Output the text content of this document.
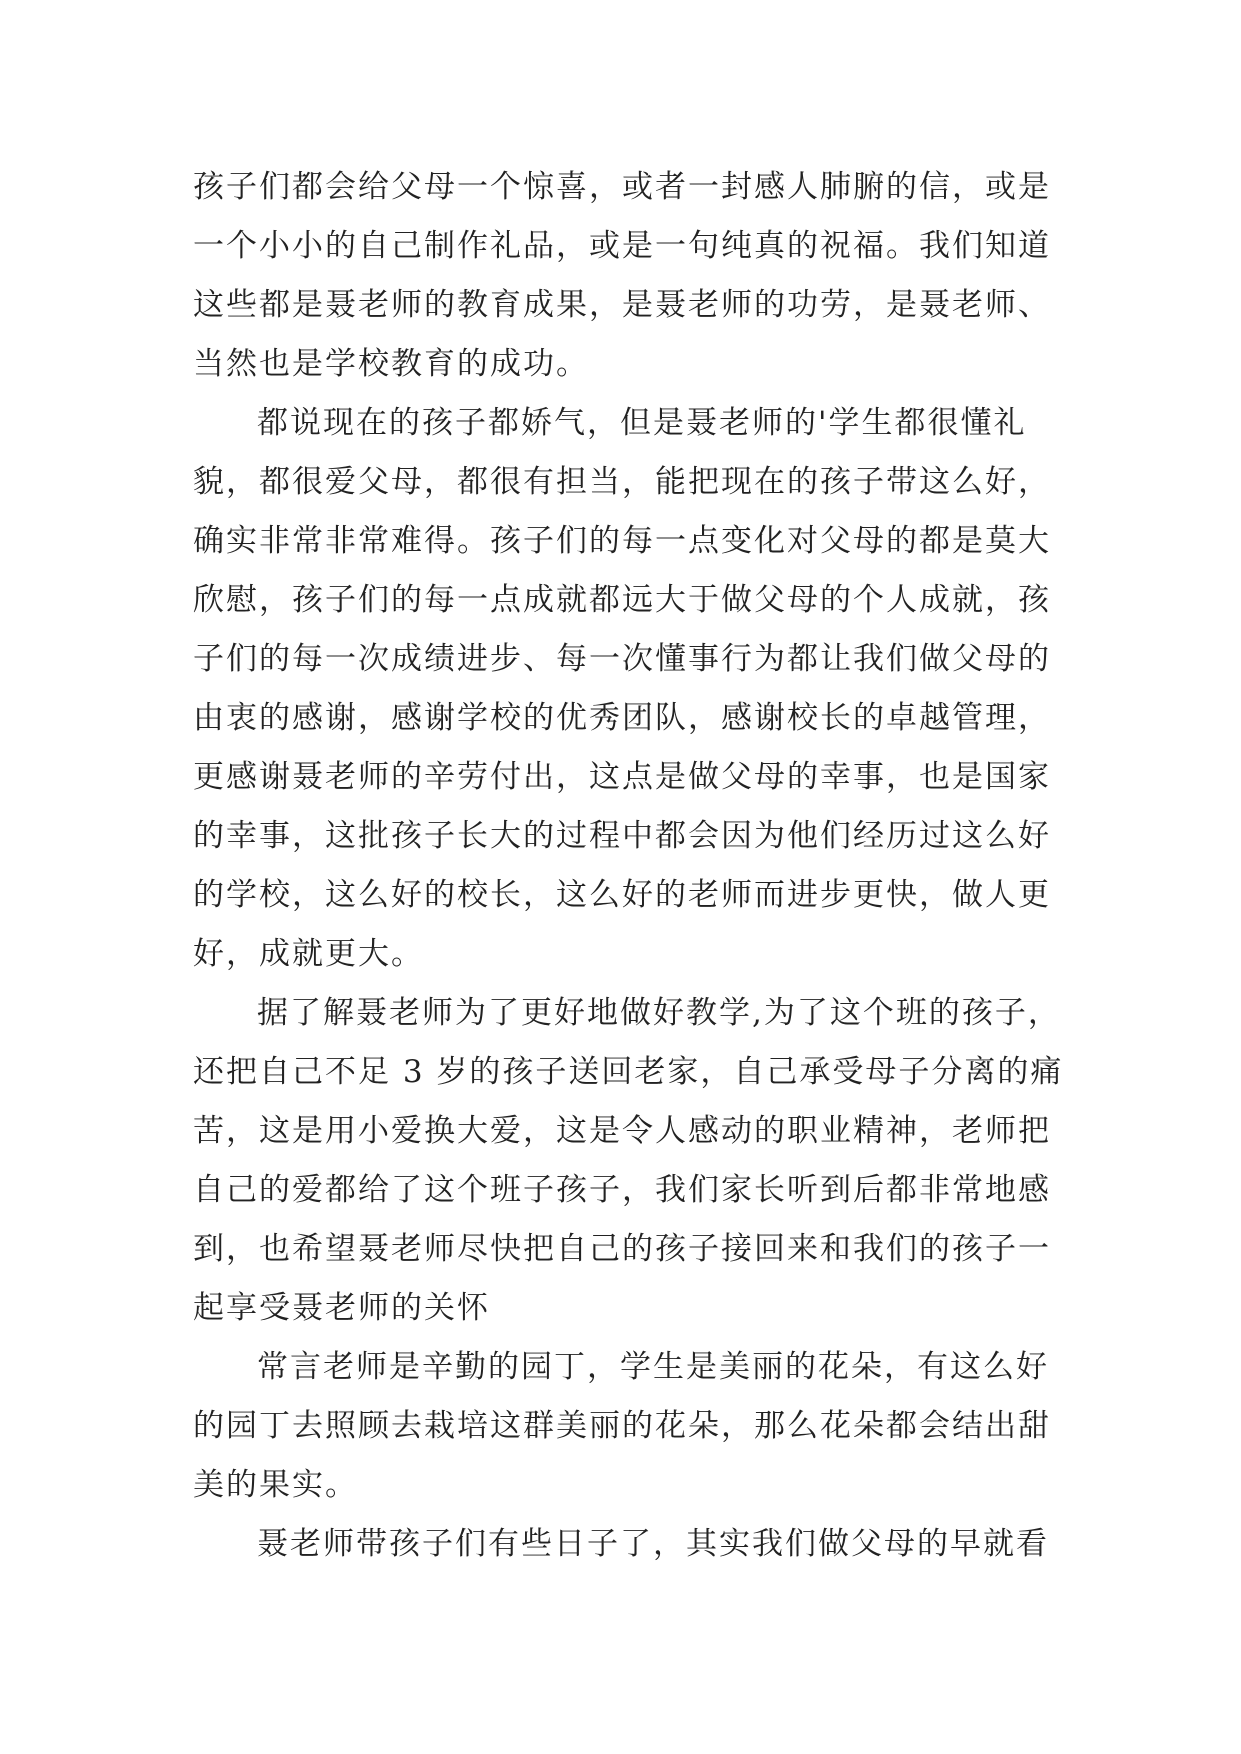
孩子们都会给父母一个惊喜，或者一封感人肺腑的信，或是
一个小小的自己制作礼品，或是一句纯真的祝福。我们知道
这些都是聂老师的教育成果，是聂老师的功劳，是聂老师、
当然也是学校教育的成功。
都说现在的孩子都娇气，但是聂老师的'学生都很懂礼
貌，都很爱父母，都很有担当，能把现在的孩子带这么好，
确实非常非常难得。孩子们的每一点变化对父母的都是莫大
欣慰，孩子们的每一点成就都远大于做父母的个人成就，孩
子们的每一次成绩进步、每一次懂事行为都让我们做父母的
由衷的感谢，感谢学校的优秀团队，感谢校长的卓越管理，
更感谢聂老师的辛劳付出，这点是做父母的幸事，也是国家
的幸事，这批孩子长大的过程中都会因为他们经历过这么好
的学校，这么好的校长，这么好的老师而进步更快，做人更
好，成就更大。
据了解聂老师为了更好地做好教学,为了这个班的孩子，
还把自己不足 3 岁的孩子送回老家，自己承受母子分离的痛
苦，这是用小爱换大爱，这是令人感动的职业精神，老师把
自己的爱都给了这个班子孩子，我们家长听到后都非常地感
到，也希望聂老师尽快把自己的孩子接回来和我们的孩子一
起享受聂老师的关怀
常言老师是辛勤的园丁，学生是美丽的花朵，有这么好
的园丁去照顾去栽培这群美丽的花朵，那么花朵都会结出甜
美的果实。
聂老师带孩子们有些日子了，其实我们做父母的早就看
